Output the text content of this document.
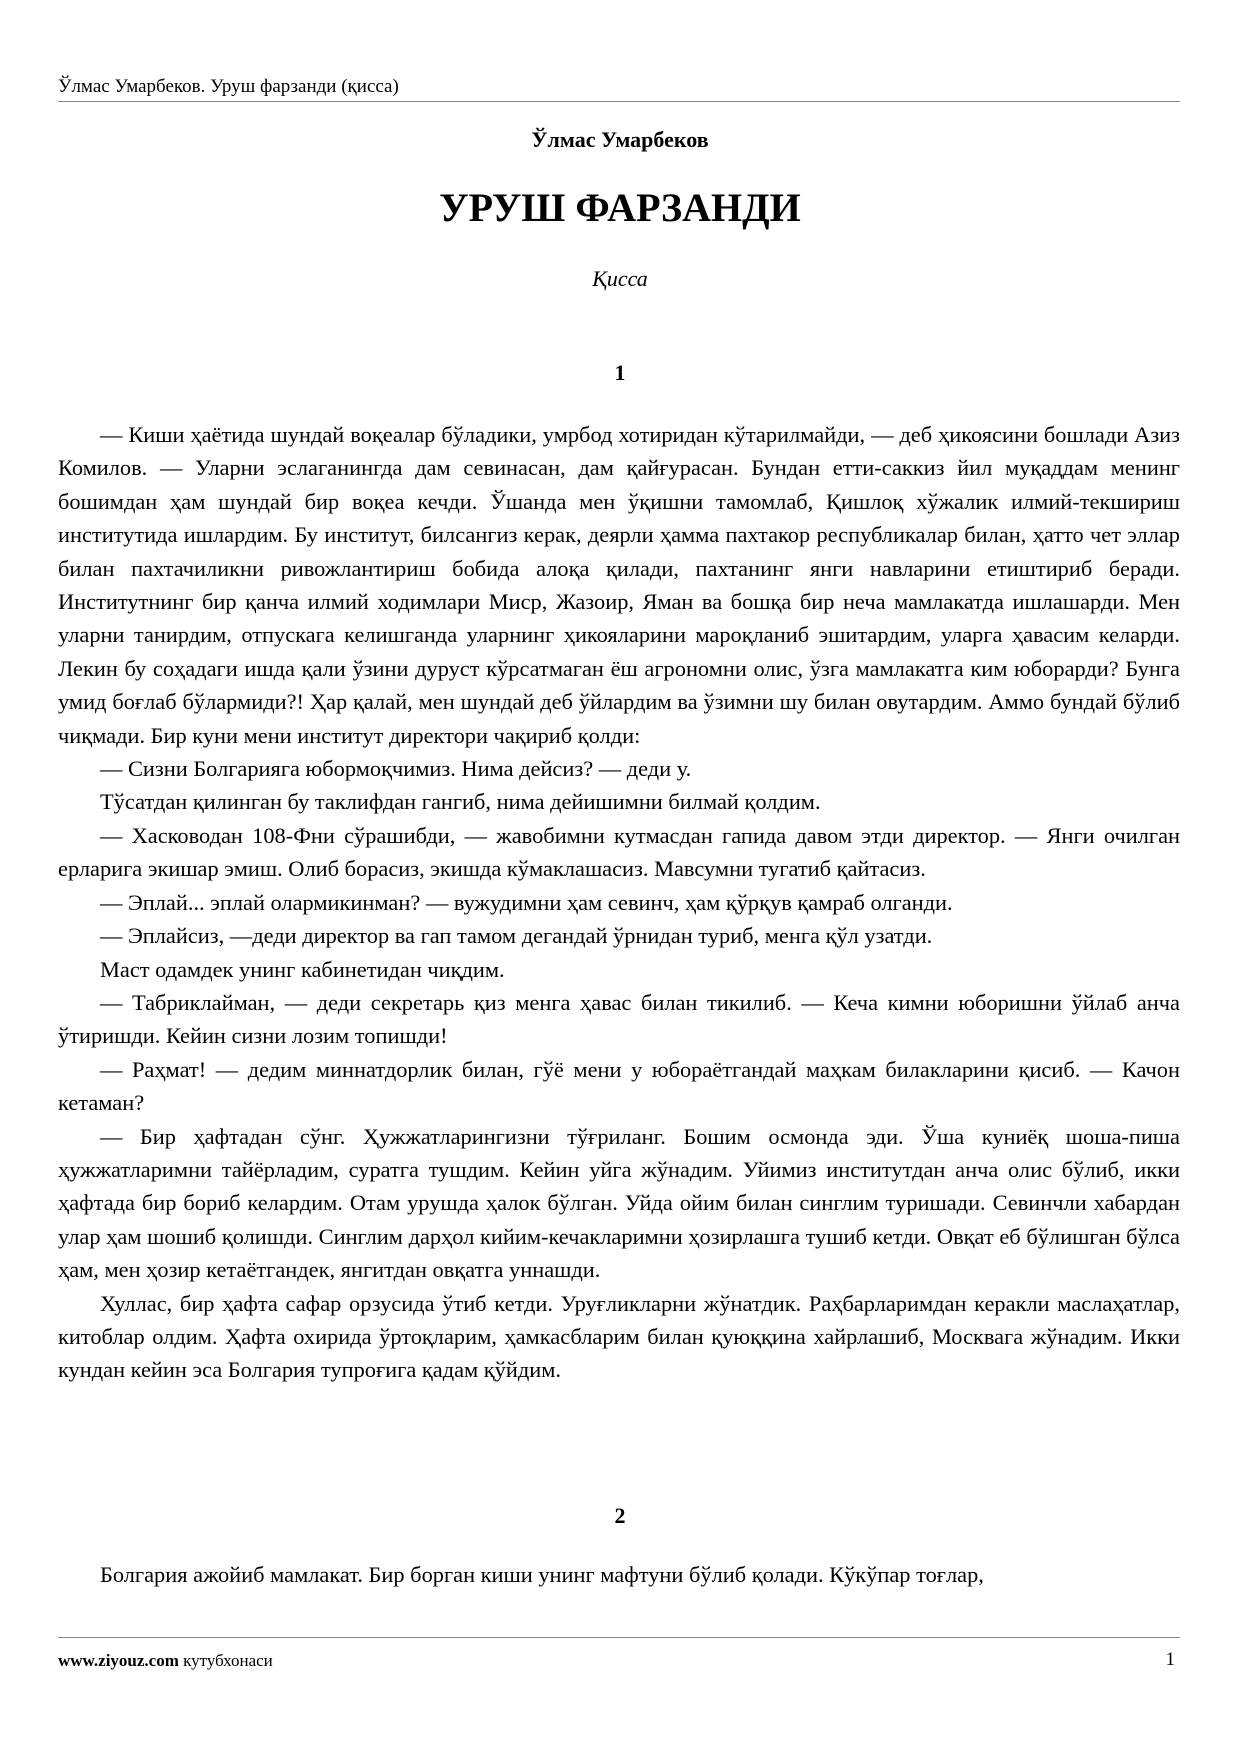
Ўлмас Умарбеков. Уруш фарзанди (қисса)
Ўлмас Умарбеков
УРУШ ФАРЗАНДИ
Қисса
1

— Киши ҳаётида шундай воқеалар бўладики, умрбод хотиридан кўтарилмайди, — деб ҳикоясини бошлади Азиз Комилов. — Уларни эслаганингда дам севинасан, дам қайғурасан. Бундан етти-саккиз йил муқаддам менинг бошимдан ҳам шундай бир воқеа кечди. Ўшанда мен ўқишни тамомлаб, Қишлоқ хўжалик илмий-текшириш институтида ишлардим. Бу институт, билсангиз керак, деярли ҳамма пахтакор республикалар билан, ҳатто чет эллар билан пахтачиликни ривожлантириш бобида алоқа қилади, пахтанинг янги навларини етиштириб беради. Институтнинг бир қанча илмий ходимлари Миср, Жазоир, Яман ва бошқа бир неча мамлакатда ишлашарди. Мен уларни танирдим, отпускага келишганда уларнинг ҳикояларини мароқланиб эшитардим, уларга ҳавасим келарди. Лекин бу соҳадаги ишда қали ўзини дуруст кўрсатмаган ёш агрономни олис, ўзга мамлакатга ким юборарди? Бунга умид боғлаб бўлармиди?! Ҳар қалай, мен шундай деб ўйлардим ва ўзимни шу билан овутардим. Аммо бундай бўлиб чиқмади. Бир куни мени институт директори чақириб қолди:

— Сизни Болгарияга юбормоқчимиз. Нима дейсиз? — деди у.

Тўсатдан қилинган бу таклифдан гангиб, нима дейишимни билмай қолдим.

— Хасководан 108-Фни сўрашибди, — жавобимни кутмасдан гапида давом этди директор. — Янги очилган ерларига экишар эмиш. Олиб борасиз, экишда кўмаклашасиз. Мавсумни тугатиб қайтасиз.

— Эплай... эплай олармикинман? — вужудимни ҳам севинч, ҳам қўрқув қамраб олганди.

— Эплайсиз, —деди директор ва гап тамом дегандай ўрнидан туриб, менга қўл узатди.

Маст одамдек унинг кабинетидан чиқдим.

— Табриклайман, — деди секретарь қиз менга ҳавас билан тикилиб. — Кеча кимни юборишни ўйлаб анча ўтиришди. Кейин сизни лозим топишди!

— Раҳмат! — дедим миннатдорлик билан, гўё мени у юбораётгандай маҳкам билакларини қисиб. — Качон кетаман?

— Бир ҳафтадан сўнг. Ҳужжатларингизни тўғриланг. Бошим осмонда эди. Ўша куниёқ шоша-пиша ҳужжатларимни тайёрладим, суратга тушдим. Кейин уйга жўнадим. Уйимиз институтдан анча олис бўлиб, икки ҳафтада бир бориб келардим. Отам урушда ҳалок бўлган. Уйда ойим билан синглим туришади. Севинчли хабардан улар ҳам шошиб қолишди. Синглим дарҳол кийим-кечакларимни ҳозирлашга тушиб кетди. Овқат еб бўлишган бўлса ҳам, мен ҳозир кетаётгандек, янгитдан овқатга уннашди.

Хуллас, бир ҳафта сафар орзусида ўтиб кетди. Уруғликларни жўнатдик. Раҳбарларимдан керакли маслаҳатлар, китоблар олдим. Ҳафта охирида ўртоқларим, ҳамкасбларим билан қуюққина хайрлашиб, Москвага жўнадим. Икки кундан кейин эса Болгария тупроғига қадам қўйдим.

2

Болгария ажойиб мамлакат. Бир борган киши унинг мафтуни бўлиб қолади. Кўкўпар тоғлар,

www.ziyouz.com кутубхонаси	1
